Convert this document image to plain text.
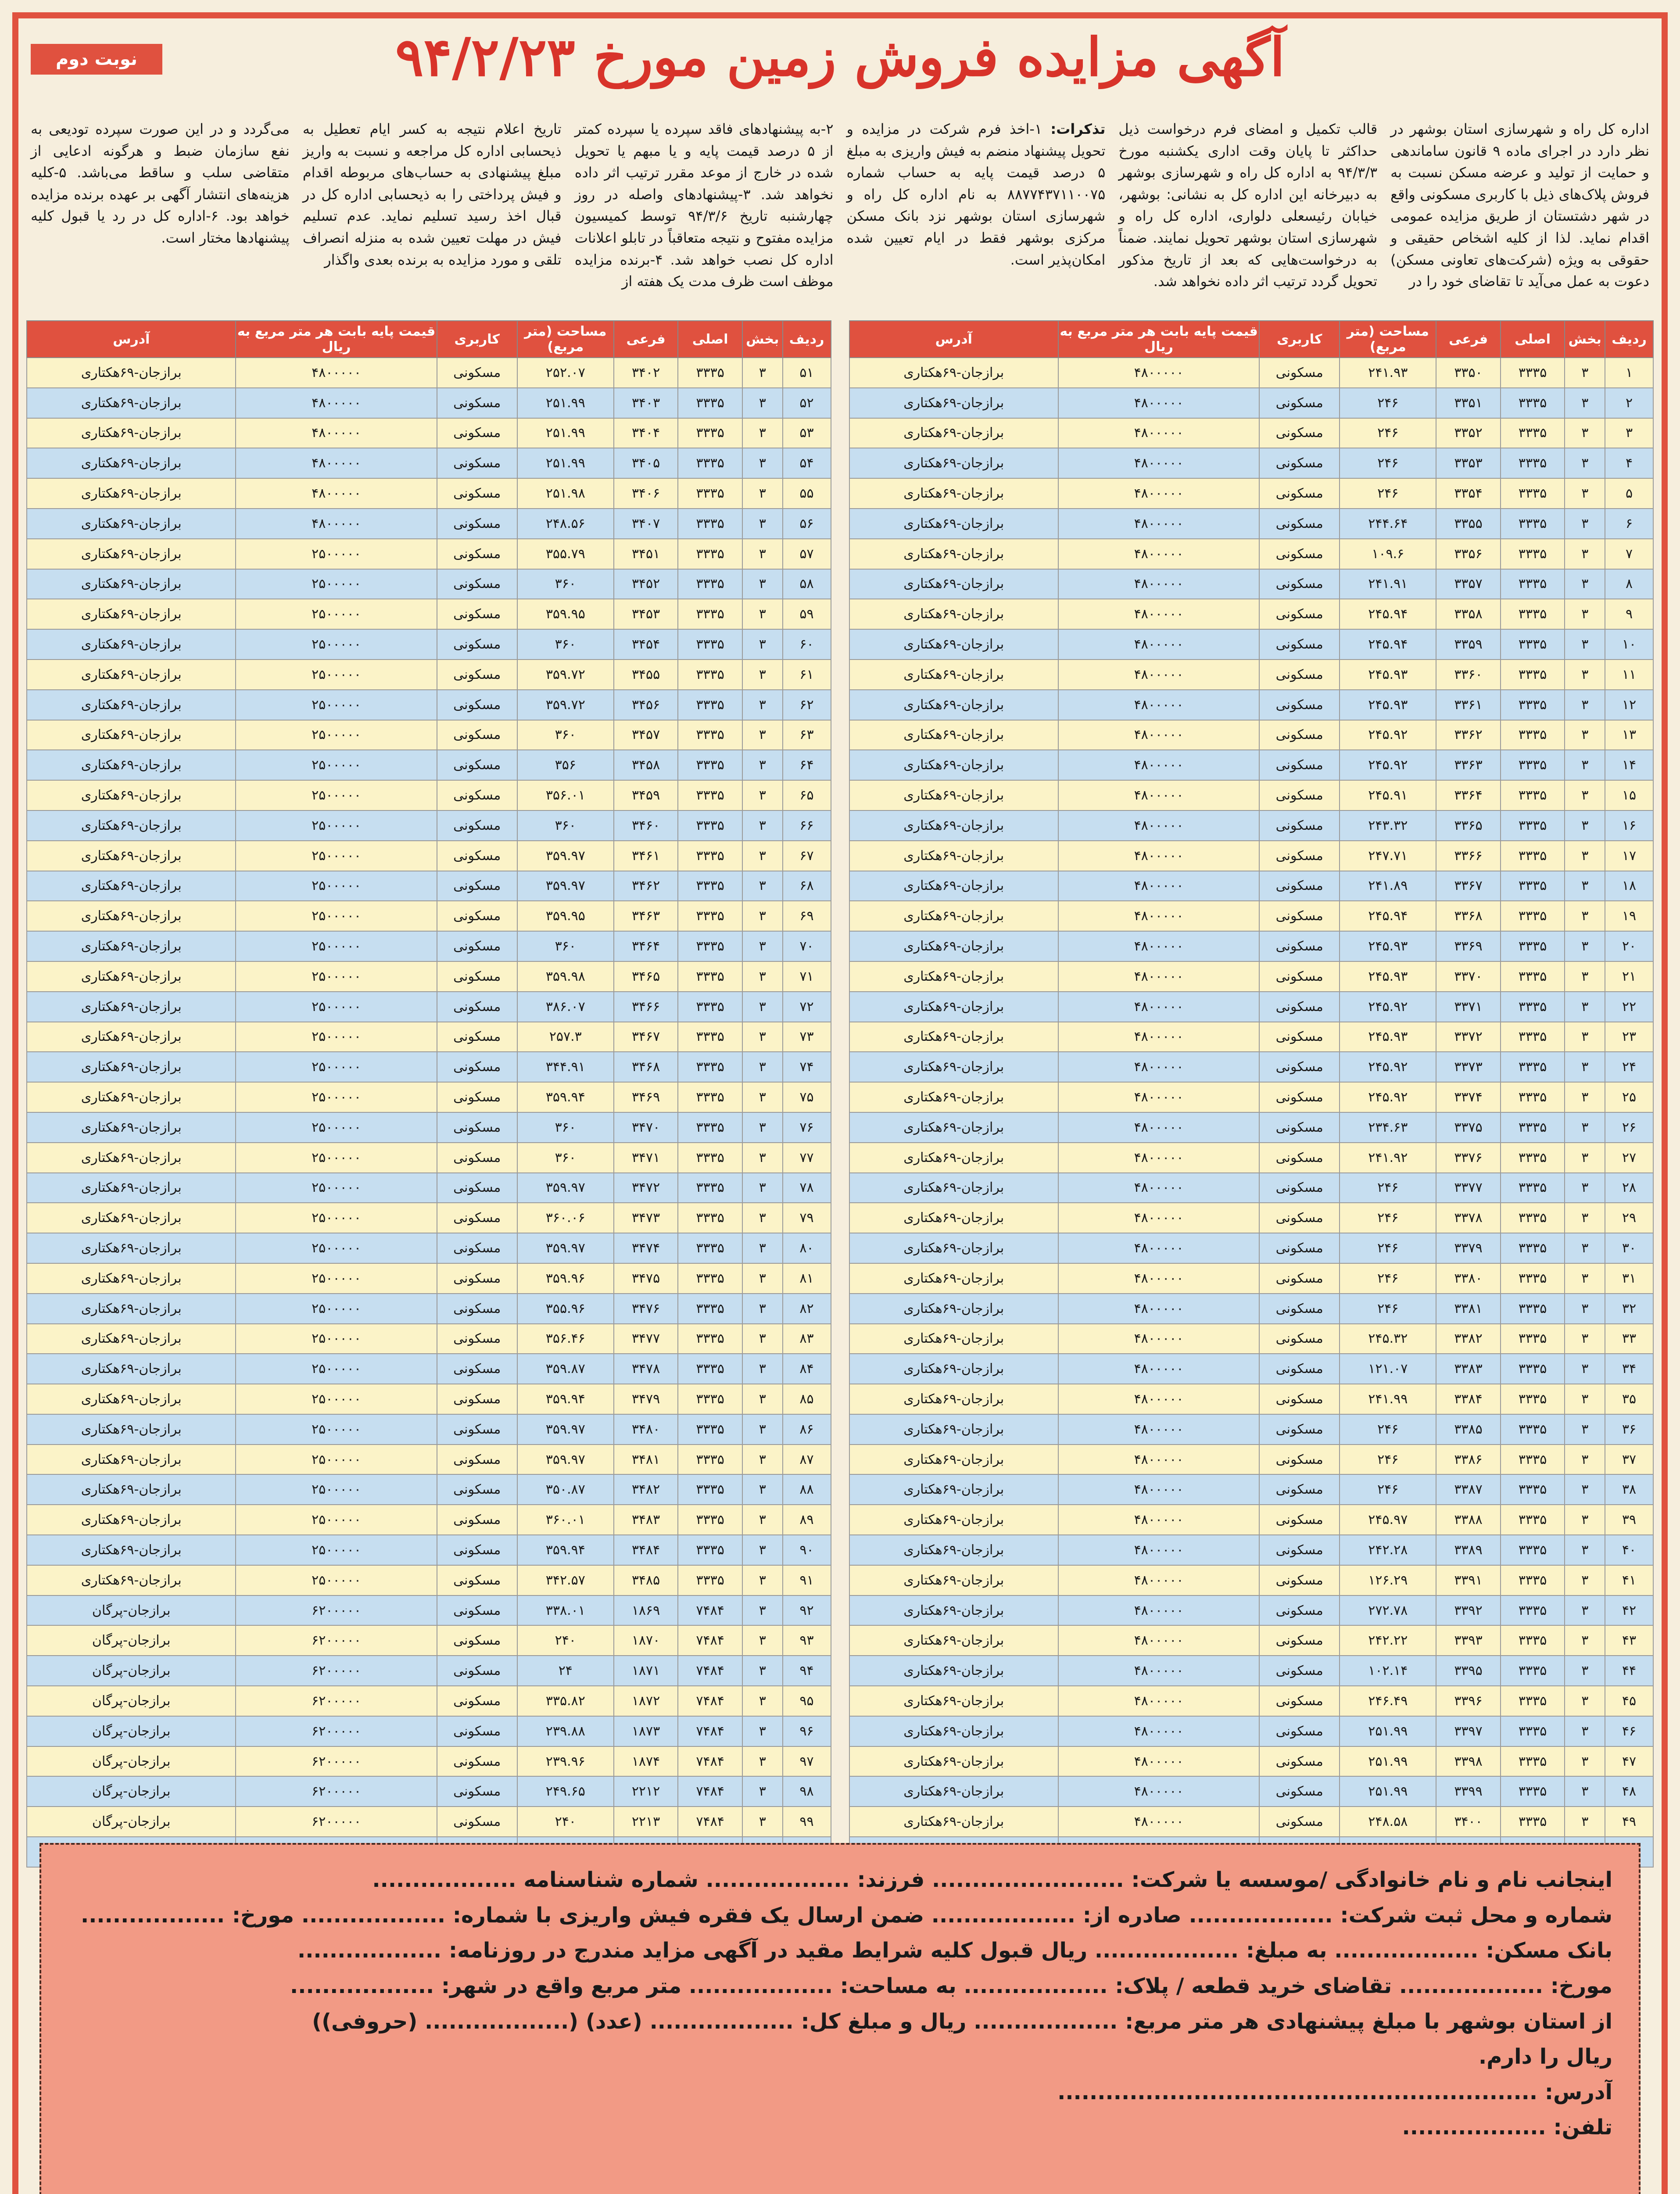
نوبت دوم	آگهی مزایده فروش زمین مورخ ۹۴/۲/۲۳
اداره کل راه و شهرسازی استان بوشهر در نظر دارد در اجرای ماده ۹ قانون ساماندهی و حمایت از تولید و عرضه مسکن نسبت به فروش پلاک‌های ذیل با کاربری مسکونی واقع در شهر دشتستان از طریق مزایده عمومی اقدام نماید. لذا از کلیه اشخاص حقیقی و حقوقی به ویژه (شرکت‌های تعاونی مسکن) دعوت به عمل می‌آید تا تقاضای خود را در
قالب تکمیل و امضای فرم درخواست ذیل حداکثر تا پایان وقت اداری یکشنبه مورخ ۹۴/۳/۳ به اداره کل راه و شهرسازی بوشهر به دبیرخانه این اداره کل به نشانی: بوشهر، خیابان رئیسعلی دلواری، اداره کل راه و شهرسازی استان بوشهر تحویل نمایند. ضمناً به درخواست‌هایی که بعد از تاریخ مذکور تحویل گردد ترتیب اثر داده نخواهد شد.
تذکرات: ۱-اخذ فرم شرکت در مزایده و تحویل پیشنهاد منضم به فیش واریزی به مبلغ ۵ درصد قیمت پایه به حساب شماره ۸۸۷۷۴۳۷۱۱۰۰۷۵ به نام اداره کل راه و شهرسازی استان بوشهر نزد بانک مسکن مرکزی بوشهر فقط در ایام تعیین شده امکان‌پذیر است.
۲-به پیشنهادهای فاقد سپرده یا سپرده کمتر از ۵ درصد قیمت پایه و یا مبهم یا تحویل شده در خارج از موعد مقرر ترتیب اثر داده نخواهد شد. ۳-پیشنهادهای واصله در روز چهارشنبه تاریخ ۹۴/۳/۶ توسط کمیسیون مزایده مفتوح و نتیجه متعاقباً در تابلو اعلانات اداره کل نصب خواهد شد. ۴-برنده مزایده موظف است ظرف مدت یک هفته از
تاریخ اعلام نتیجه به کسر ایام تعطیل به ذیحسابی اداره کل مراجعه و نسبت به واریز مبلغ پیشنهادی به حساب‌های مربوطه اقدام و فیش پرداختی را به ذیحسابی اداره کل در قبال اخذ رسید تسلیم نماید. عدم تسلیم فیش در مهلت تعیین شده به منزله انصراف تلقی و مورد مزایده به برنده بعدی واگذار
می‌گردد و در این صورت سپرده تودیعی به نفع سازمان ضبط و هرگونه ادعایی از متقاضی سلب و ساقط می‌باشد. ۵-کلیه هزینه‌های انتشار آگهی بر عهده برنده مزایده خواهد بود. ۶-اداره کل در رد یا قبول کلیه پیشنهادها مختار است.
ردیف	بخش	اصلی	فرعی	مساحت (متر مربع)	کاربری	قیمت پایه بابت هر متر مربع به ریال	آدرس
۱	۳	۳۳۳۵	۳۳۵۰	۲۴۱.۹۳	مسکونی	۴۸۰۰۰۰۰	برازجان-۶۹هکتاری
۲	۳	۳۳۳۵	۳۳۵۱	۲۴۶	مسکونی	۴۸۰۰۰۰۰	برازجان-۶۹هکتاری
۳	۳	۳۳۳۵	۳۳۵۲	۲۴۶	مسکونی	۴۸۰۰۰۰۰	برازجان-۶۹هکتاری
۴	۳	۳۳۳۵	۳۳۵۳	۲۴۶	مسکونی	۴۸۰۰۰۰۰	برازجان-۶۹هکتاری
۵	۳	۳۳۳۵	۳۳۵۴	۲۴۶	مسکونی	۴۸۰۰۰۰۰	برازجان-۶۹هکتاری
۶	۳	۳۳۳۵	۳۳۵۵	۲۴۴.۶۴	مسکونی	۴۸۰۰۰۰۰	برازجان-۶۹هکتاری
۷	۳	۳۳۳۵	۳۳۵۶	۱۰۹.۶	مسکونی	۴۸۰۰۰۰۰	برازجان-۶۹هکتاری
۸	۳	۳۳۳۵	۳۳۵۷	۲۴۱.۹۱	مسکونی	۴۸۰۰۰۰۰	برازجان-۶۹هکتاری
۹	۳	۳۳۳۵	۳۳۵۸	۲۴۵.۹۴	مسکونی	۴۸۰۰۰۰۰	برازجان-۶۹هکتاری
۱۰	۳	۳۳۳۵	۳۳۵۹	۲۴۵.۹۴	مسکونی	۴۸۰۰۰۰۰	برازجان-۶۹هکتاری
۱۱	۳	۳۳۳۵	۳۳۶۰	۲۴۵.۹۳	مسکونی	۴۸۰۰۰۰۰	برازجان-۶۹هکتاری
۱۲	۳	۳۳۳۵	۳۳۶۱	۲۴۵.۹۳	مسکونی	۴۸۰۰۰۰۰	برازجان-۶۹هکتاری
۱۳	۳	۳۳۳۵	۳۳۶۲	۲۴۵.۹۲	مسکونی	۴۸۰۰۰۰۰	برازجان-۶۹هکتاری
۱۴	۳	۳۳۳۵	۳۳۶۳	۲۴۵.۹۲	مسکونی	۴۸۰۰۰۰۰	برازجان-۶۹هکتاری
۱۵	۳	۳۳۳۵	۳۳۶۴	۲۴۵.۹۱	مسکونی	۴۸۰۰۰۰۰	برازجان-۶۹هکتاری
۱۶	۳	۳۳۳۵	۳۳۶۵	۲۴۳.۳۲	مسکونی	۴۸۰۰۰۰۰	برازجان-۶۹هکتاری
۱۷	۳	۳۳۳۵	۳۳۶۶	۲۴۷.۷۱	مسکونی	۴۸۰۰۰۰۰	برازجان-۶۹هکتاری
۱۸	۳	۳۳۳۵	۳۳۶۷	۲۴۱.۸۹	مسکونی	۴۸۰۰۰۰۰	برازجان-۶۹هکتاری
۱۹	۳	۳۳۳۵	۳۳۶۸	۲۴۵.۹۴	مسکونی	۴۸۰۰۰۰۰	برازجان-۶۹هکتاری
۲۰	۳	۳۳۳۵	۳۳۶۹	۲۴۵.۹۳	مسکونی	۴۸۰۰۰۰۰	برازجان-۶۹هکتاری
۲۱	۳	۳۳۳۵	۳۳۷۰	۲۴۵.۹۳	مسکونی	۴۸۰۰۰۰۰	برازجان-۶۹هکتاری
۲۲	۳	۳۳۳۵	۳۳۷۱	۲۴۵.۹۲	مسکونی	۴۸۰۰۰۰۰	برازجان-۶۹هکتاری
۲۳	۳	۳۳۳۵	۳۳۷۲	۲۴۵.۹۳	مسکونی	۴۸۰۰۰۰۰	برازجان-۶۹هکتاری
۲۴	۳	۳۳۳۵	۳۳۷۳	۲۴۵.۹۲	مسکونی	۴۸۰۰۰۰۰	برازجان-۶۹هکتاری
۲۵	۳	۳۳۳۵	۳۳۷۴	۲۴۵.۹۲	مسکونی	۴۸۰۰۰۰۰	برازجان-۶۹هکتاری
۲۶	۳	۳۳۳۵	۳۳۷۵	۲۳۴.۶۳	مسکونی	۴۸۰۰۰۰۰	برازجان-۶۹هکتاری
۲۷	۳	۳۳۳۵	۳۳۷۶	۲۴۱.۹۲	مسکونی	۴۸۰۰۰۰۰	برازجان-۶۹هکتاری
۲۸	۳	۳۳۳۵	۳۳۷۷	۲۴۶	مسکونی	۴۸۰۰۰۰۰	برازجان-۶۹هکتاری
۲۹	۳	۳۳۳۵	۳۳۷۸	۲۴۶	مسکونی	۴۸۰۰۰۰۰	برازجان-۶۹هکتاری
۳۰	۳	۳۳۳۵	۳۳۷۹	۲۴۶	مسکونی	۴۸۰۰۰۰۰	برازجان-۶۹هکتاری
۳۱	۳	۳۳۳۵	۳۳۸۰	۲۴۶	مسکونی	۴۸۰۰۰۰۰	برازجان-۶۹هکتاری
۳۲	۳	۳۳۳۵	۳۳۸۱	۲۴۶	مسکونی	۴۸۰۰۰۰۰	برازجان-۶۹هکتاری
۳۳	۳	۳۳۳۵	۳۳۸۲	۲۴۵.۳۲	مسکونی	۴۸۰۰۰۰۰	برازجان-۶۹هکتاری
۳۴	۳	۳۳۳۵	۳۳۸۳	۱۲۱.۰۷	مسکونی	۴۸۰۰۰۰۰	برازجان-۶۹هکتاری
۳۵	۳	۳۳۳۵	۳۳۸۴	۲۴۱.۹۹	مسکونی	۴۸۰۰۰۰۰	برازجان-۶۹هکتاری
۳۶	۳	۳۳۳۵	۳۳۸۵	۲۴۶	مسکونی	۴۸۰۰۰۰۰	برازجان-۶۹هکتاری
۳۷	۳	۳۳۳۵	۳۳۸۶	۲۴۶	مسکونی	۴۸۰۰۰۰۰	برازجان-۶۹هکتاری
۳۸	۳	۳۳۳۵	۳۳۸۷	۲۴۶	مسکونی	۴۸۰۰۰۰۰	برازجان-۶۹هکتاری
۳۹	۳	۳۳۳۵	۳۳۸۸	۲۴۵.۹۷	مسکونی	۴۸۰۰۰۰۰	برازجان-۶۹هکتاری
۴۰	۳	۳۳۳۵	۳۳۸۹	۲۴۲.۲۸	مسکونی	۴۸۰۰۰۰۰	برازجان-۶۹هکتاری
۴۱	۳	۳۳۳۵	۳۳۹۱	۱۲۶.۲۹	مسکونی	۴۸۰۰۰۰۰	برازجان-۶۹هکتاری
۴۲	۳	۳۳۳۵	۳۳۹۲	۲۷۲.۷۸	مسکونی	۴۸۰۰۰۰۰	برازجان-۶۹هکتاری
۴۳	۳	۳۳۳۵	۳۳۹۳	۲۴۲.۲۲	مسکونی	۴۸۰۰۰۰۰	برازجان-۶۹هکتاری
۴۴	۳	۳۳۳۵	۳۳۹۵	۱۰۲.۱۴	مسکونی	۴۸۰۰۰۰۰	برازجان-۶۹هکتاری
۴۵	۳	۳۳۳۵	۳۳۹۶	۲۴۶.۴۹	مسکونی	۴۸۰۰۰۰۰	برازجان-۶۹هکتاری
۴۶	۳	۳۳۳۵	۳۳۹۷	۲۵۱.۹۹	مسکونی	۴۸۰۰۰۰۰	برازجان-۶۹هکتاری
۴۷	۳	۳۳۳۵	۳۳۹۸	۲۵۱.۹۹	مسکونی	۴۸۰۰۰۰۰	برازجان-۶۹هکتاری
۴۸	۳	۳۳۳۵	۳۳۹۹	۲۵۱.۹۹	مسکونی	۴۸۰۰۰۰۰	برازجان-۶۹هکتاری
۴۹	۳	۳۳۳۵	۳۴۰۰	۲۴۸.۵۸	مسکونی	۴۸۰۰۰۰۰	برازجان-۶۹هکتاری

ردیف	بخش	اصلی	فرعی	مساحت (متر مربع)	کاربری	قیمت پایه بابت هر متر مربع به ریال	آدرس
۵۱	۳	۳۳۳۵	۳۴۰۲	۲۵۲.۰۷	مسکونی	۴۸۰۰۰۰۰	برازجان-۶۹هکتاری
۵۲	۳	۳۳۳۵	۳۴۰۳	۲۵۱.۹۹	مسکونی	۴۸۰۰۰۰۰	برازجان-۶۹هکتاری
۵۳	۳	۳۳۳۵	۳۴۰۴	۲۵۱.۹۹	مسکونی	۴۸۰۰۰۰۰	برازجان-۶۹هکتاری
۵۴	۳	۳۳۳۵	۳۴۰۵	۲۵۱.۹۹	مسکونی	۴۸۰۰۰۰۰	برازجان-۶۹هکتاری
۵۵	۳	۳۳۳۵	۳۴۰۶	۲۵۱.۹۸	مسکونی	۴۸۰۰۰۰۰	برازجان-۶۹هکتاری
۵۶	۳	۳۳۳۵	۳۴۰۷	۲۴۸.۵۶	مسکونی	۴۸۰۰۰۰۰	برازجان-۶۹هکتاری
۵۷	۳	۳۳۳۵	۳۴۵۱	۳۵۵.۷۹	مسکونی	۲۵۰۰۰۰۰	برازجان-۶۹هکتاری
۵۸	۳	۳۳۳۵	۳۴۵۲	۳۶۰	مسکونی	۲۵۰۰۰۰۰	برازجان-۶۹هکتاری
۵۹	۳	۳۳۳۵	۳۴۵۳	۳۵۹.۹۵	مسکونی	۲۵۰۰۰۰۰	برازجان-۶۹هکتاری
۶۰	۳	۳۳۳۵	۳۴۵۴	۳۶۰	مسکونی	۲۵۰۰۰۰۰	برازجان-۶۹هکتاری
۶۱	۳	۳۳۳۵	۳۴۵۵	۳۵۹.۷۲	مسکونی	۲۵۰۰۰۰۰	برازجان-۶۹هکتاری
۶۲	۳	۳۳۳۵	۳۴۵۶	۳۵۹.۷۲	مسکونی	۲۵۰۰۰۰۰	برازجان-۶۹هکتاری
۶۳	۳	۳۳۳۵	۳۴۵۷	۳۶۰	مسکونی	۲۵۰۰۰۰۰	برازجان-۶۹هکتاری
۶۴	۳	۳۳۳۵	۳۴۵۸	۳۵۶	مسکونی	۲۵۰۰۰۰۰	برازجان-۶۹هکتاری
۶۵	۳	۳۳۳۵	۳۴۵۹	۳۵۶.۰۱	مسکونی	۲۵۰۰۰۰۰	برازجان-۶۹هکتاری
۶۶	۳	۳۳۳۵	۳۴۶۰	۳۶۰	مسکونی	۲۵۰۰۰۰۰	برازجان-۶۹هکتاری
۶۷	۳	۳۳۳۵	۳۴۶۱	۳۵۹.۹۷	مسکونی	۲۵۰۰۰۰۰	برازجان-۶۹هکتاری
۶۸	۳	۳۳۳۵	۳۴۶۲	۳۵۹.۹۷	مسکونی	۲۵۰۰۰۰۰	برازجان-۶۹هکتاری
۶۹	۳	۳۳۳۵	۳۴۶۳	۳۵۹.۹۵	مسکونی	۲۵۰۰۰۰۰	برازجان-۶۹هکتاری
۷۰	۳	۳۳۳۵	۳۴۶۴	۳۶۰	مسکونی	۲۵۰۰۰۰۰	برازجان-۶۹هکتاری
۷۱	۳	۳۳۳۵	۳۴۶۵	۳۵۹.۹۸	مسکونی	۲۵۰۰۰۰۰	برازجان-۶۹هکتاری
۷۲	۳	۳۳۳۵	۳۴۶۶	۳۸۶.۰۷	مسکونی	۲۵۰۰۰۰۰	برازجان-۶۹هکتاری
۷۳	۳	۳۳۳۵	۳۴۶۷	۲۵۷.۳	مسکونی	۲۵۰۰۰۰۰	برازجان-۶۹هکتاری
۷۴	۳	۳۳۳۵	۳۴۶۸	۳۴۴.۹۱	مسکونی	۲۵۰۰۰۰۰	برازجان-۶۹هکتاری
۷۵	۳	۳۳۳۵	۳۴۶۹	۳۵۹.۹۴	مسکونی	۲۵۰۰۰۰۰	برازجان-۶۹هکتاری
۷۶	۳	۳۳۳۵	۳۴۷۰	۳۶۰	مسکونی	۲۵۰۰۰۰۰	برازجان-۶۹هکتاری
۷۷	۳	۳۳۳۵	۳۴۷۱	۳۶۰	مسکونی	۲۵۰۰۰۰۰	برازجان-۶۹هکتاری
۷۸	۳	۳۳۳۵	۳۴۷۲	۳۵۹.۹۷	مسکونی	۲۵۰۰۰۰۰	برازجان-۶۹هکتاری
۷۹	۳	۳۳۳۵	۳۴۷۳	۳۶۰.۰۶	مسکونی	۲۵۰۰۰۰۰	برازجان-۶۹هکتاری
۸۰	۳	۳۳۳۵	۳۴۷۴	۳۵۹.۹۷	مسکونی	۲۵۰۰۰۰۰	برازجان-۶۹هکتاری
۸۱	۳	۳۳۳۵	۳۴۷۵	۳۵۹.۹۶	مسکونی	۲۵۰۰۰۰۰	برازجان-۶۹هکتاری
۸۲	۳	۳۳۳۵	۳۴۷۶	۳۵۵.۹۶	مسکونی	۲۵۰۰۰۰۰	برازجان-۶۹هکتاری
۸۳	۳	۳۳۳۵	۳۴۷۷	۳۵۶.۴۶	مسکونی	۲۵۰۰۰۰۰	برازجان-۶۹هکتاری
۸۴	۳	۳۳۳۵	۳۴۷۸	۳۵۹.۸۷	مسکونی	۲۵۰۰۰۰۰	برازجان-۶۹هکتاری
۸۵	۳	۳۳۳۵	۳۴۷۹	۳۵۹.۹۴	مسکونی	۲۵۰۰۰۰۰	برازجان-۶۹هکتاری
۸۶	۳	۳۳۳۵	۳۴۸۰	۳۵۹.۹۷	مسکونی	۲۵۰۰۰۰۰	برازجان-۶۹هکتاری
۸۷	۳	۳۳۳۵	۳۴۸۱	۳۵۹.۹۷	مسکونی	۲۵۰۰۰۰۰	برازجان-۶۹هکتاری
۸۸	۳	۳۳۳۵	۳۴۸۲	۳۵۰.۸۷	مسکونی	۲۵۰۰۰۰۰	برازجان-۶۹هکتاری
۸۹	۳	۳۳۳۵	۳۴۸۳	۳۶۰.۰۱	مسکونی	۲۵۰۰۰۰۰	برازجان-۶۹هکتاری
۹۰	۳	۳۳۳۵	۳۴۸۴	۳۵۹.۹۴	مسکونی	۲۵۰۰۰۰۰	برازجان-۶۹هکتاری
۹۱	۳	۳۳۳۵	۳۴۸۵	۳۴۲.۵۷	مسکونی	۲۵۰۰۰۰۰	برازجان-۶۹هکتاری
۹۲	۳	۷۴۸۴	۱۸۶۹	۳۳۸.۰۱	مسکونی	۶۲۰۰۰۰۰	برازجان-پرگان
۹۳	۳	۷۴۸۴	۱۸۷۰	۲۴۰	مسکونی	۶۲۰۰۰۰۰	برازجان-پرگان
۹۴	۳	۷۴۸۴	۱۸۷۱	۲۴	مسکونی	۶۲۰۰۰۰۰	برازجان-پرگان
۹۵	۳	۷۴۸۴	۱۸۷۲	۳۳۵.۸۲	مسکونی	۶۲۰۰۰۰۰	برازجان-پرگان
۹۶	۳	۷۴۸۴	۱۸۷۳	۲۳۹.۸۸	مسکونی	۶۲۰۰۰۰۰	برازجان-پرگان
۹۷	۳	۷۴۸۴	۱۸۷۴	۲۳۹.۹۶	مسکونی	۶۲۰۰۰۰۰	برازجان-پرگان
۹۸	۳	۷۴۸۴	۲۲۱۲	۲۴۹.۶۵	مسکونی	۶۲۰۰۰۰۰	برازجان-پرگان
۹۹	۳	۷۴۸۴	۲۲۱۳	۲۴۰	مسکونی	۶۲۰۰۰۰۰	برازجان-پرگان

اینجانب نام و نام خانوادگی /موسسه یا شرکت: ........................ فرزند: .................. شماره شناسنامه ..................
شماره و محل ثبت شرکت: .................. صادره از: .................. ضمن ارسال یک فقره فیش واریزی با شماره: .................. مورخ: ..................
بانک مسکن: .................. به مبلغ: .................. ریال قبول کلیه شرایط مقید در آگهی مزاید مندرج در روزنامه: ..................
مورخ: .................. تقاضای خرید قطعه / پلاک: .................. به مساحت: .................. متر مربع واقع در شهر: ..................
از استان بوشهر با مبلغ پیشنهادی هر متر مربع: .................. ریال و مبلغ کل: .................. (عدد) (.................. (حروفی))
ریال را دارم.
آدرس: ............................................................
تلفن: ..................
